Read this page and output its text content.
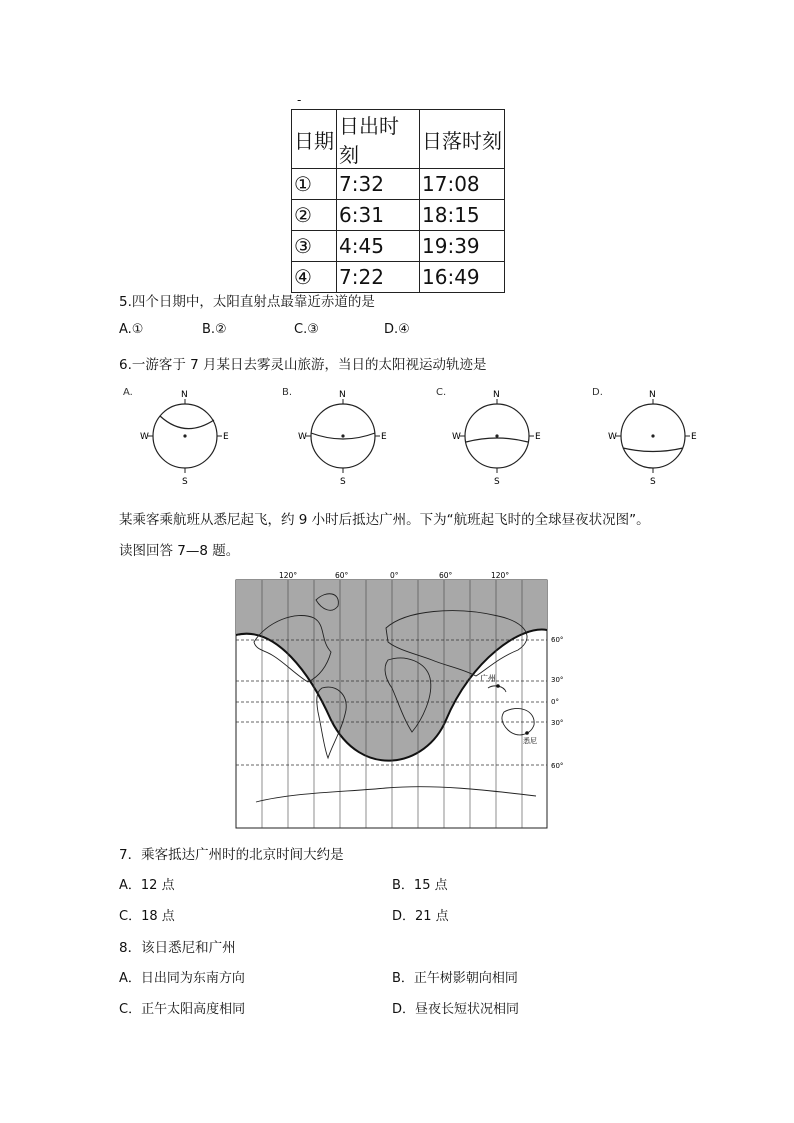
-
日期	日出时刻	日落时刻
①	7:32	17:08
②	6:31	18:15
③	4:45	19:39
④	7:22	16:49
5.四个日期中，太阳直射点最靠近赤道的是
A.①	B.②	C.③	D.④
6.一游客于 7 月某日去雾灵山旅游，当日的太阳视运动轨迹是
A.	N
S
W	E
B.	N
S
W	E
C.	N
S
W	E
D.	N
S
W	E
某乘客乘航班从悉尼起飞，约 9 小时后抵达广州。下为“航班起飞时的全球昼夜状况图”。
读图回答 7—8 题。
120°	60°	0°	60°	120°
广州
悉尼
60°
30°
0°
30°
60°
7．乘客抵达广州时的北京时间大约是
A．12 点	B．15 点
C．18 点	D．21 点
8．该日悉尼和广州
A．日出同为东南方向	B．正午树影朝向相同
C．正午太阳高度相同	D．昼夜长短状况相同
